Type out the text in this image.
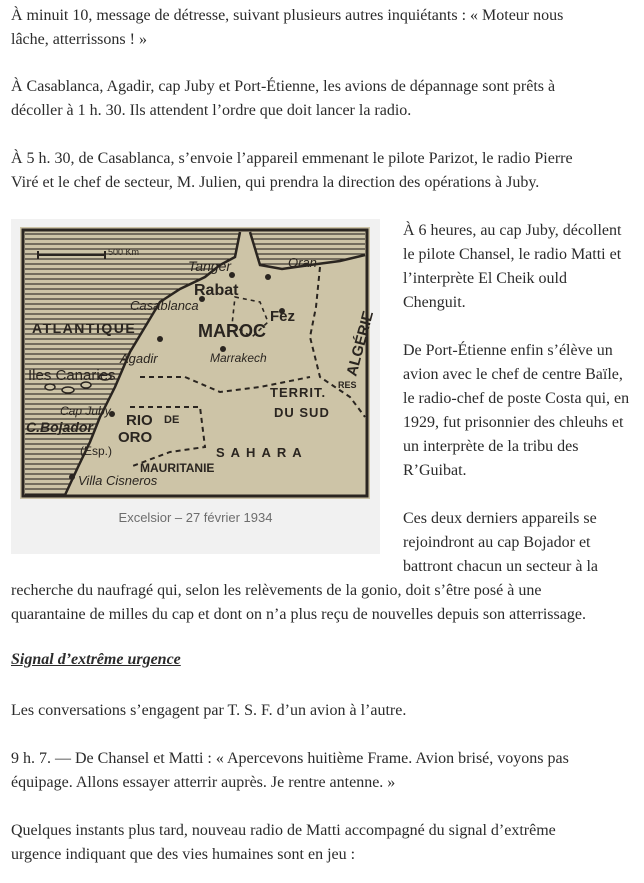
À minuit 10, message de détresse, suivant plusieurs autres inquiétants : « Moteur nous
lâche, atterrissons ! »

À Casablanca, Agadir, cap Juby et Port-Étienne, les avions de dépannage sont prêts à
décoller à 1 h. 30. Ils attendent l’ordre que doit lancer la radio.

À 5 h. 30, de Casablanca, s’envoie l’appareil emmenant le pilote Parizot, le radio Pierre
Viré et le chef de secteur, M. Julien, qui prendra la direction des opérations à Juby.

500 Km
Tanger	Oran
Rabat
Casablanca
Fez
ATLANTIQUE	MAROC	ALGÉRIE
Agadir	Marrakech
Iles Canaries
TERRIT. RES
DU SUD
Cap Juby
C.Bojador RIO DE
ORO
(Esp.)	SAHARA
MAURITANIE
Villa Cisneros
Excelsior – 27 février 1934

À 6 heures, au cap Juby, décollent
le pilote Chansel, le radio Matti et
l’interprète El Cheik ould
Chenguit.

De Port-Étienne enfin s’élève un
avion avec le chef de centre Baïle,
le radio-chef de poste Costa qui, en
1929, fut prisonnier des chleuhs et
un interprète de la tribu des
R’Guibat.

Ces deux derniers appareils se
rejoindront au cap Bojador et
battront chacun un secteur à la

recherche du naufragé qui, selon les relèvements de la gonio, doit s’être posé à une
quarantaine de milles du cap et dont on n’a plus reçu de nouvelles depuis son atterrissage.

Signal d’extrême urgence

Les conversations s’engagent par T. S. F. d’un avion à l’autre.

9 h. 7. — De Chansel et Matti : « Apercevons huitième Frame. Avion brisé, voyons pas
équipage. Allons essayer atterrir auprès. Je rentre antenne. »

Quelques instants plus tard, nouveau radio de Matti accompagné du signal d’extrême
urgence indiquant que des vies humaines sont en jeu :
